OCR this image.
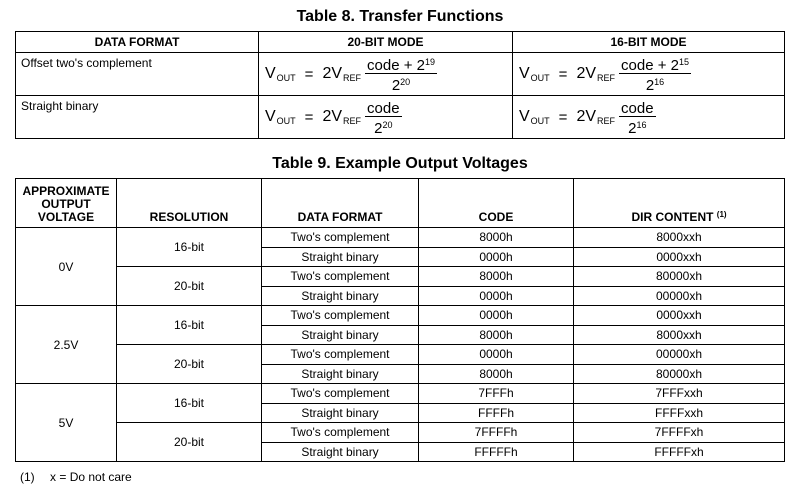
Table 8. Transfer Functions
DATA FORMAT	20-BIT MODE	16-BIT MODE
Offset two's complement	$V_{OUT} = 2V_{REF} \frac{code + 2^{19}}{2^{20}}$	$V_{OUT} = 2V_{REF} \frac{code + 2^{15}}{2^{16}}$

Straight binary	$V_{OUT} = 2V_{REF} \frac{\text{code}}{2^{20}}$	$V_{OUT} = 2V_{REF} \frac{\text{code}}{2^{16}}$
Table 9. Example Output Voltages
APPROXIMATE
OUTPUT
VOLTAGE	RESOLUTION	DATA FORMAT	CODE	DIR CONTENT $^{(1)}$
0V	16-bit	Two's complement	8000h	8000xxh
		Straight binary	0000h	0000xxh
	20-bit	Two's complement	8000h	80000xh
		Straight binary	0000h	00000xh
2.5V	16-bit	Two's complement	0000h	0000xxh
		Straight binary	8000h	8000xxh
	20-bit	Two's complement	0000h	00000xh
		Straight binary	8000h	80000xh
5V	16-bit	Two's complement	7FFFh	7FFFxxh
		Straight binary	FFFFh	FFFFxxh
	20-bit	Two's complement	7FFFFh	7FFFFxh
		Straight binary	FFFFFh	FFFFFxh
(1) x = Do not care
